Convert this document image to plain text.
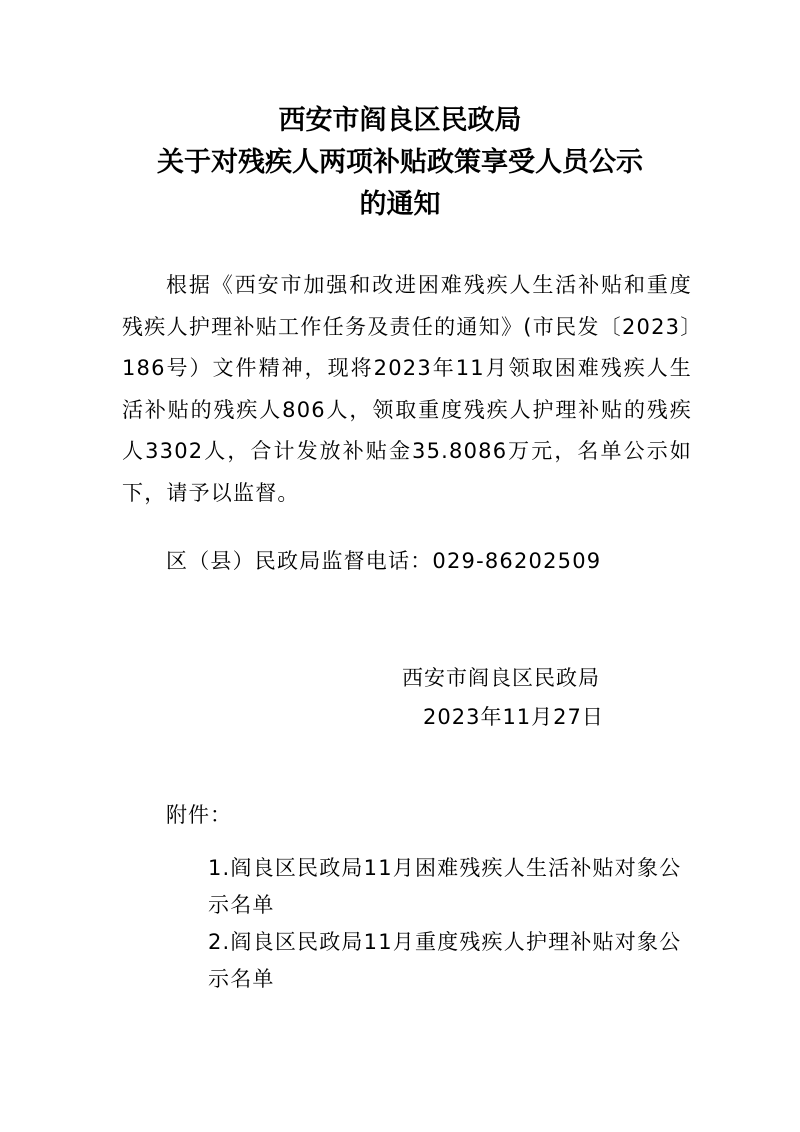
西安市阎良区民政局
关于对残疾人两项补贴政策享受人员公示
的通知

根据《西安市加强和改进困难残疾人生活补贴和重度残疾人护理补贴工作任务及责任的通知》(市民发〔2023〕186号）文件精神，现将2023年11月领取困难残疾人生活补贴的残疾人806人，领取重度残疾人护理补贴的残疾人3302人，合计发放补贴金35.8086万元，名单公示如下，请予以监督。

区（县）民政局监督电话：029-86202509
西安市阎良区民政局
2023年11月27日
附件：

1.阎良区民政局11月困难残疾人生活补贴对象公示名单

2.阎良区民政局11月重度残疾人护理补贴对象公示名单
